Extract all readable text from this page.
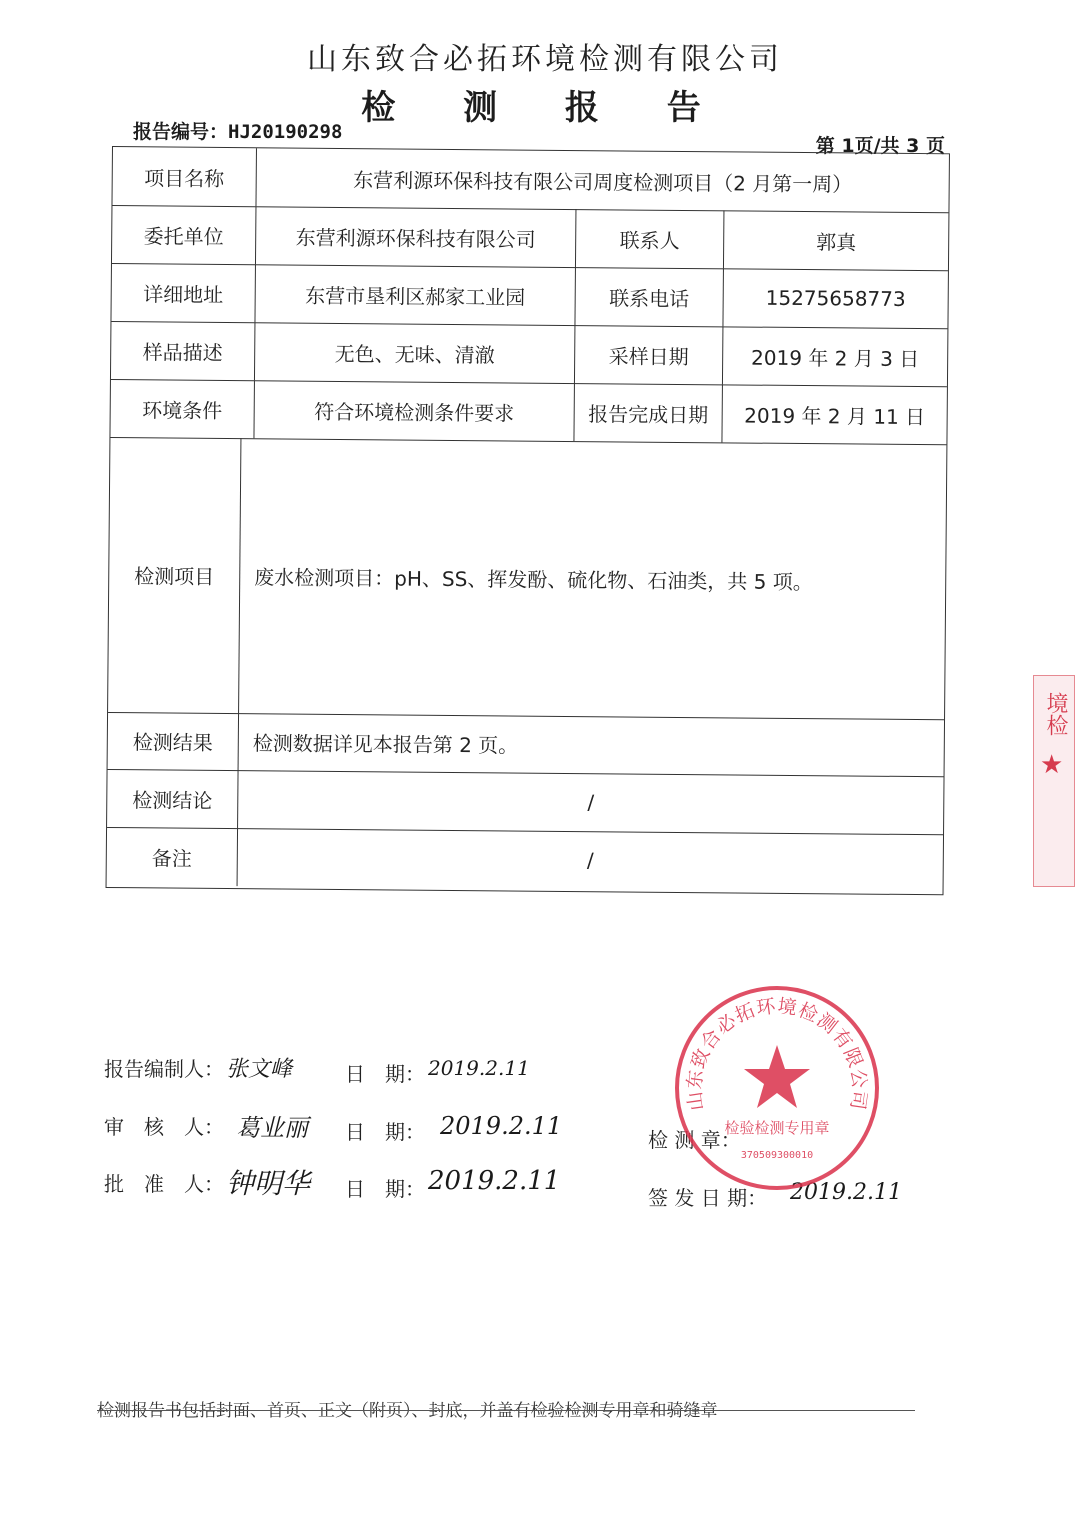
山东致合必拓环境检测有限公司
检 测 报 告
报告编号：HJ20190298
第 1页/共 3 页
项目名称	东营利源环保科技有限公司周度检测项目（2 月第一周）
委托单位	东营利源环保科技有限公司	联系人	郭真
详细地址	东营市垦利区郝家工业园	联系电话	15275658773
样品描述	无色、无味、清澈	采样日期	2019 年 2 月 3 日
环境条件	符合环境检测条件要求	报告完成日期	2019 年 2 月 11 日
检测项目	废水检测项目：pH、SS、挥发酚、硫化物、石油类，共 5 项。
检测结果	检测数据详见本报告第 2 页。
检测结论	/
备注	/
报告编制人： 张文峰	日　期： 2019.2.11
审　核　人： 葛业丽 日　期： 2019.2.11
批　准　人： 钟明华 日　期： 2019.2.11
检 测 章：
签 发 日 期： 2019.2.11
山东致合必拓环境检测有限公司
检验检测专用章
370509300010
境检
★
检测报告书包括封面、首页、正文（附页）、封底，并盖有检验检测专用章和骑缝章
